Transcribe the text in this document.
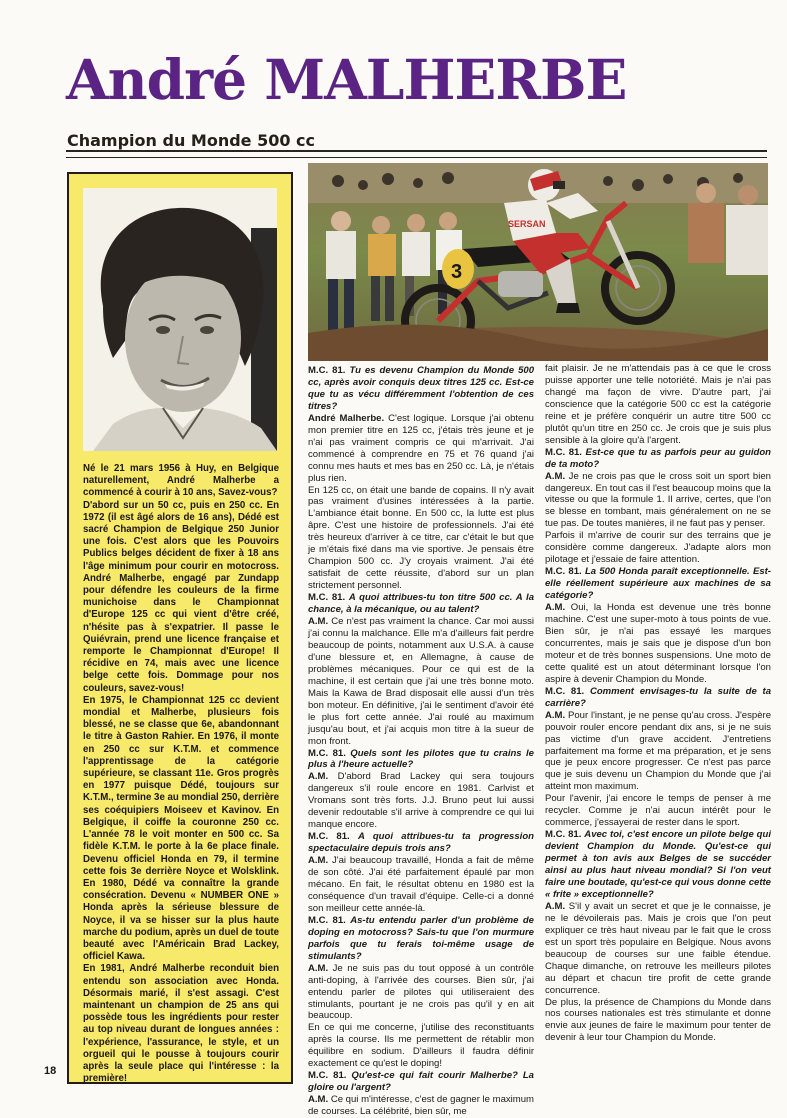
André MALHERBE
Champion du Monde 500 cc

Né le 21 mars 1956 à Huy, en Belgique naturellement, André Malherbe a commencé à courir à 10 ans, Savez-vous?

D'abord sur un 50 cc, puis en 250 cc. En 1972 (il est âgé alors de 16 ans), Dédé est sacré Champion de Belgique 250 Junior une fois. C'est alors que les Pouvoirs Publics belges décident de fixer à 18 ans l'âge minimum pour courir en motocross. André Malherbe, engagé par Zundapp pour défendre les couleurs de la firme munichoise dans le Championnat d'Europe 125 cc qui vient d'être créé, n'hésite pas à s'expatrier. Il passe le Quiévrain, prend une licence française et remporte le Championnat d'Europe! Il récidive en 74, mais avec une licence belge cette fois. Dommage pour nos couleurs, savez-vous!

En 1975, le Championnat 125 cc devient mondial et Malherbe, plusieurs fois blessé, ne se classe que 6e, abandonnant le titre à Gaston Rahier. En 1976, il monte en 250 cc sur K.T.M. et commence l'apprentissage de la catégorie supérieure, se classant 11e. Gros progrès en 1977 puisque Dédé, toujours sur K.T.M., termine 3e au mondial 250, derrière ses coéquipiers Moiseev et Kavinov. En Belgique, il coiffe la couronne 250 cc. L'année 78 le voit monter en 500 cc. Sa fidèle K.T.M. le porte à la 6e place finale. Devenu officiel Honda en 79, il termine cette fois 3e derrière Noyce et Wolsklink. En 1980, Dédé va connaître la grande consécration. Devenu « NUMBER ONE » Honda après la sérieuse blessure de Noyce, il va se hisser sur la plus haute marche du podium, après un duel de toute beauté avec l'Américain Brad Lackey, officiel Kawa.

En 1981, André Malherbe reconduit bien entendu son association avec Honda. Désormais marié, il s'est assagi. C'est maintenant un champion de 25 ans qui possède tous les ingrédients pour rester au top niveau durant de longues années : l'expérience, l'assurance, le style, et un orgueil qui le pousse à toujours courir après la seule place qui l'intéresse : la première!

3
SERSAN

M.C. 81. Tu es devenu Champion du Monde 500 cc, après avoir conquis deux titres 125 cc. Est-ce que tu as vécu différemment l'obtention de ces titres?

André Malherbe. C'est logique. Lorsque j'ai obtenu mon premier titre en 125 cc, j'étais très jeune et je n'ai pas vraiment compris ce qui m'arrivait. J'ai commencé à comprendre en 75 et 76 quand j'ai connu mes hauts et mes bas en 250 cc. Là, je n'étais plus rien.

En 125 cc, on était une bande de copains. Il n'y avait pas vraiment d'usines intéressées à la partie. L'ambiance était bonne. En 500 cc, la lutte est plus âpre. C'est une histoire de professionnels. J'ai été très heureux d'arriver à ce titre, car c'était le but que je m'étais fixé dans ma vie sportive. Je pensais être Champion 500 cc. J'y croyais vraiment. J'ai été satisfait de cette réussite, d'abord sur un plan strictement personnel.

M.C. 81. A quoi attribues-tu ton titre 500 cc. A la chance, à la mécanique, ou au talent?

A.M. Ce n'est pas vraiment la chance. Car moi aussi j'ai connu la malchance. Elle m'a d'ailleurs fait perdre beaucoup de points, notamment aux U.S.A. à cause d'une blessure et, en Allemagne, à cause de problèmes mécaniques. Pour ce qui est de la machine, il est certain que j'ai une très bonne moto. Mais la Kawa de Brad disposait elle aussi d'un très bon moteur. En définitive, j'ai le sentiment d'avoir été le plus fort cette année. J'ai roulé au maximum jusqu'au bout, et j'ai acquis mon titre à la sueur de mon front.

M.C. 81. Quels sont les pilotes que tu crains le plus à l'heure actuelle?

A.M. D'abord Brad Lackey qui sera toujours dangereux s'il roule encore en 1981. Carlvist et Vromans sont très forts. J.J. Bruno peut lui aussi devenir redoutable s'il arrive à comprendre ce qui lui manque encore.

M.C. 81. A quoi attribues-tu ta progression spectaculaire depuis trois ans?

A.M. J'ai beaucoup travaillé, Honda a fait de même de son côté. J'ai été parfaitement épaulé par mon mécano. En fait, le résultat obtenu en 1980 est la conséquence d'un travail d'équipe. Celle-ci a donné son meilleur cette année-là.

M.C. 81. As-tu entendu parler d'un problème de doping en motocross? Sais-tu que l'on murmure parfois que tu ferais toi-même usage de stimulants?

A.M. Je ne suis pas du tout opposé à un contrôle anti-doping, à l'arrivée des courses. Bien sûr, j'ai entendu parler de pilotes qui utiliseraient des stimulants, pourtant je ne crois pas qu'il y en ait beaucoup.

En ce qui me concerne, j'utilise des reconstituants après la course. Ils me permettent de rétablir mon équilibre en sodium. D'ailleurs il faudra définir exactement ce qu'est le doping!

M.C. 81. Qu'est-ce qui fait courir Malherbe? La gloire ou l'argent?

A.M. Ce qui m'intéresse, c'est de gagner le maximum de courses. La célébrité, bien sûr, me

fait plaisir. Je ne m'attendais pas à ce que le cross puisse apporter une telle notoriété. Mais je n'ai pas changé ma façon de vivre. D'autre part, j'ai conscience que la catégorie 500 cc est la catégorie reine et je préfère conquérir un autre titre 500 cc plutôt qu'un titre en 250 cc. Je crois que je suis plus sensible à la gloire qu'à l'argent.

M.C. 81. Est-ce que tu as parfois peur au guidon de ta moto?

A.M. Je ne crois pas que le cross soit un sport bien dangereux. En tout cas il l'est beaucoup moins que la vitesse ou que la formule 1. Il arrive, certes, que l'on se blesse en tombant, mais généralement on ne se tue pas. De toutes manières, il ne faut pas y penser.

Parfois il m'arrive de courir sur des terrains que je considère comme dangereux. J'adapte alors mon pilotage et j'essaie de faire attention.

M.C. 81. La 500 Honda paraît exceptionnelle. Est-elle réellement supérieure aux machines de sa catégorie?

A.M. Oui, la Honda est devenue une très bonne machine. C'est une super-moto à tous points de vue. Bien sûr, je n'ai pas essayé les marques concurrentes, mais je sais que je dispose d'un bon moteur et de très bonnes suspensions. Une moto de cette qualité est un atout déterminant lorsque l'on aspire à devenir Champion du Monde.

M.C. 81. Comment envisages-tu la suite de ta carrière?

A.M. Pour l'instant, je ne pense qu'au cross. J'espère pouvoir rouler encore pendant dix ans, si je ne suis pas victime d'un grave accident. J'entretiens parfaitement ma forme et ma préparation, et je sens que je peux encore progresser. Ce n'est pas parce que je suis devenu un Champion du Monde que j'ai atteint mon maximum.

Pour l'avenir, j'ai encore le temps de penser à me recycler. Comme je n'ai aucun intérêt pour le commerce, j'essayerai de rester dans le sport.

M.C. 81. Avec toi, c'est encore un pilote belge qui devient Champion du Monde. Qu'est-ce qui permet à ton avis aux Belges de se succéder ainsi au plus haut niveau mondial? Si l'on veut faire une boutade, qu'est-ce qui vous donne cette « frite » exceptionnelle?

A.M. S'il y avait un secret et que je le connaisse, je ne le dévoilerais pas. Mais je crois que l'on peut expliquer ce très haut niveau par le fait que le cross est un sport très populaire en Belgique. Nous avons beaucoup de courses sur une faible étendue. Chaque dimanche, on retrouve les meilleurs pilotes au départ et chacun tire profit de cette grande concurrence.

De plus, la présence de Champions du Monde dans nos courses nationales est très stimulante et donne envie aux jeunes de faire le maximum pour tenter de devenir à leur tour Champion du Monde.

18
